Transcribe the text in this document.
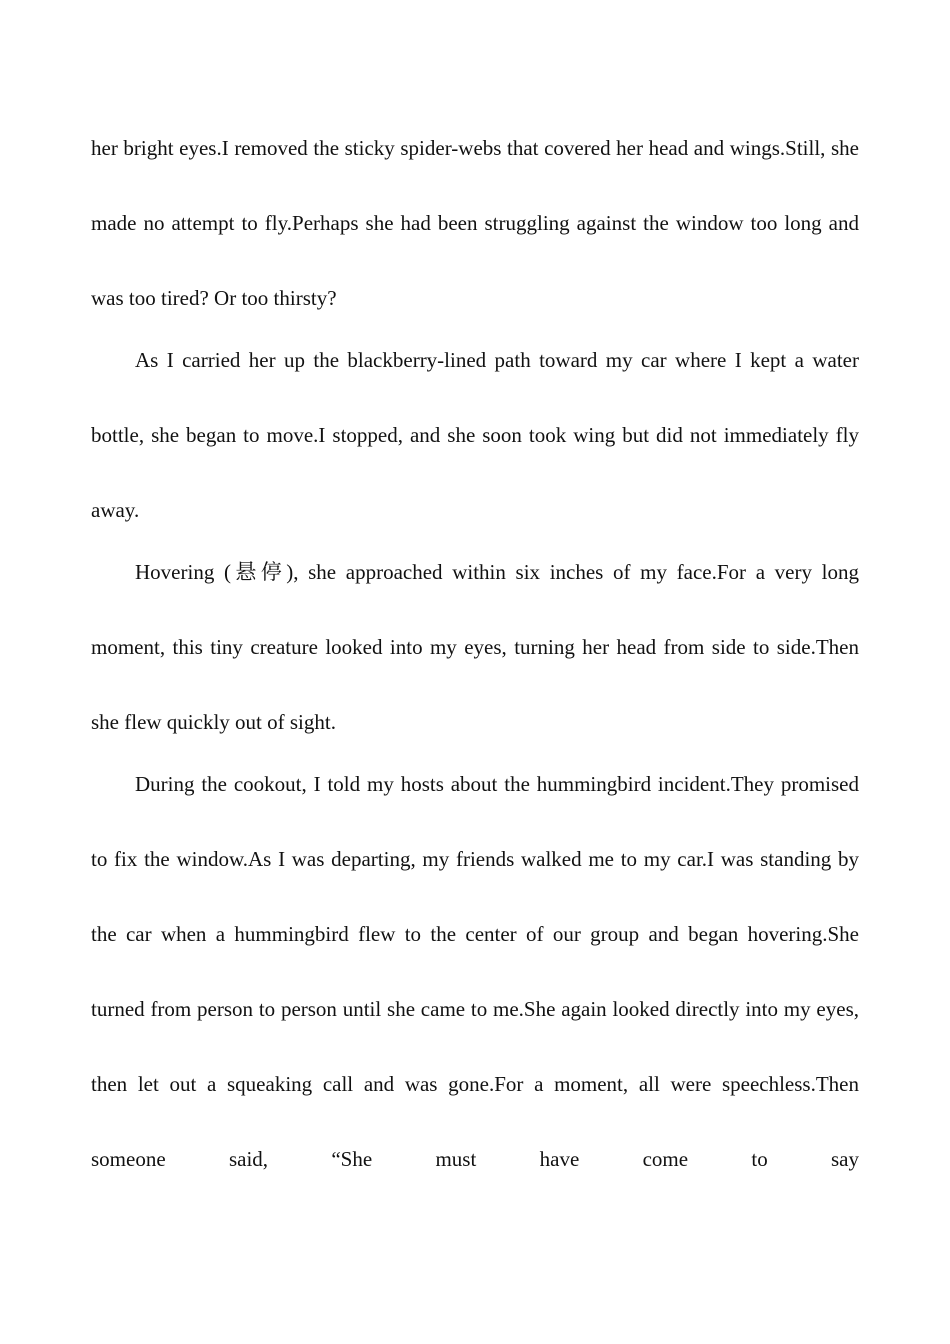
her bright eyes.I removed the sticky spider-webs that covered her head and wings.Still, she made no attempt to fly.Perhaps she had been struggling against the window too long and was too tired? Or too thirsty?

As I carried her up the blackberry-lined path toward my car where I kept a water bottle, she began to move.I stopped, and she soon took wing but did not immediately fly away.

Hovering (悬停), she approached within six inches of my face.For a very long moment, this tiny creature looked into my eyes, turning her head from side to side.Then she flew quickly out of sight.

During the cookout, I told my hosts about the hummingbird incident.They promised to fix the window.As I was departing, my friends walked me to my car.I was standing by the car when a hummingbird flew to the center of our group and began hovering.She turned from person to person until she came to me.She again looked directly into my eyes, then let out a squeaking call and was gone.For a moment, all were speechless.Then someone said, “She must have come to say
